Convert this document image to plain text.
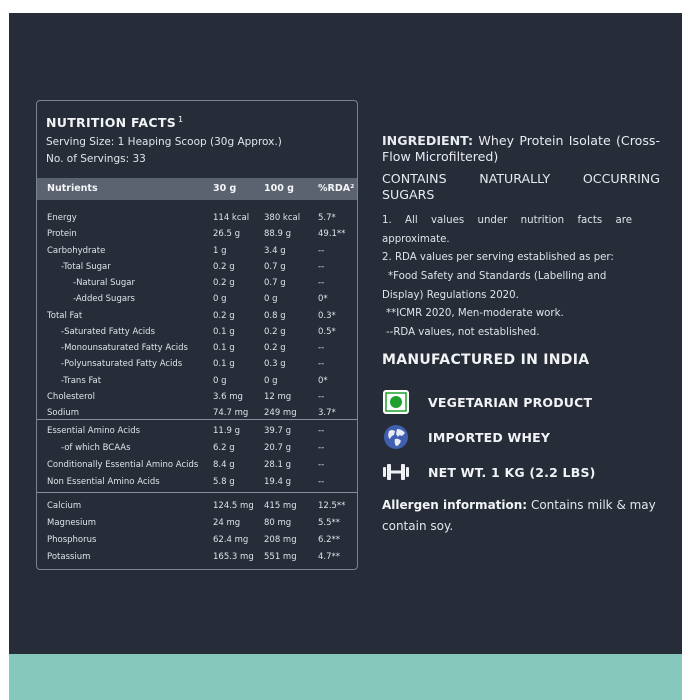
NUTRITION FACTS $^1$
Serving Size: 1 Heaping Scoop (30g Approx.)
No. of Servings: 33
Nutrients	30 g	100 g	%RDA²
Energy	114 kcal 380 kcal 5.7*
Protein	26.5 g	88.9 g	49.1**
Carbohydrate	1 g	3.4 g	--
-Total Sugar	0.2 g	0.7 g	--
-Natural Sugar	0.2 g	0.7 g	--
-Added Sugars	0 g	0 g	0*
Total Fat	0.2 g	0.8 g	0.3*
-Saturated Fatty Acids	0.1 g	0.2 g	0.5*
-Monounsaturated Fatty Acids	0.1 g	0.2 g	--
-Polyunsaturated Fatty Acids	0.1 g	0.3 g	--
-Trans Fat	0 g	0 g	0*
Cholesterol	3.6 mg 12 mg	--
Sodium	74.7 mg 249 mg	3.7*
Essential Amino Acids	11.9 g	39.7 g	--
-of which BCAAs	6.2 g	20.7 g	--
Conditionally Essential Amino Acids 8.4 g	28.1 g	--
Non Essential Amino Acids	5.8 g	19.4 g	--
Calcium	124.5 mg 415 mg	12.5**
Magnesium	24 mg	80 mg	5.5**
Phosphorus	62.4 mg 208 mg	6.2**
Potassium	165.3 mg 551 mg	4.7**
INGREDIENT: Whey Protein Isolate (Cross-Flow Microfiltered)
CONTAINS NATURALLY OCCURRING
SUGARS
1. All values under nutrition facts are approximate.
2. RDA values per serving established as per:
*Food Safety and Standards (Labelling and Display) Regulations 2020.
**ICMR 2020, Men-moderate work.
--RDA values, not established.
MANUFACTURED IN INDIA
VEGETARIAN PRODUCT
IMPORTED WHEY
NET WT. 1 KG (2.2 LBS)
Allergen information: Contains milk & may contain soy.
